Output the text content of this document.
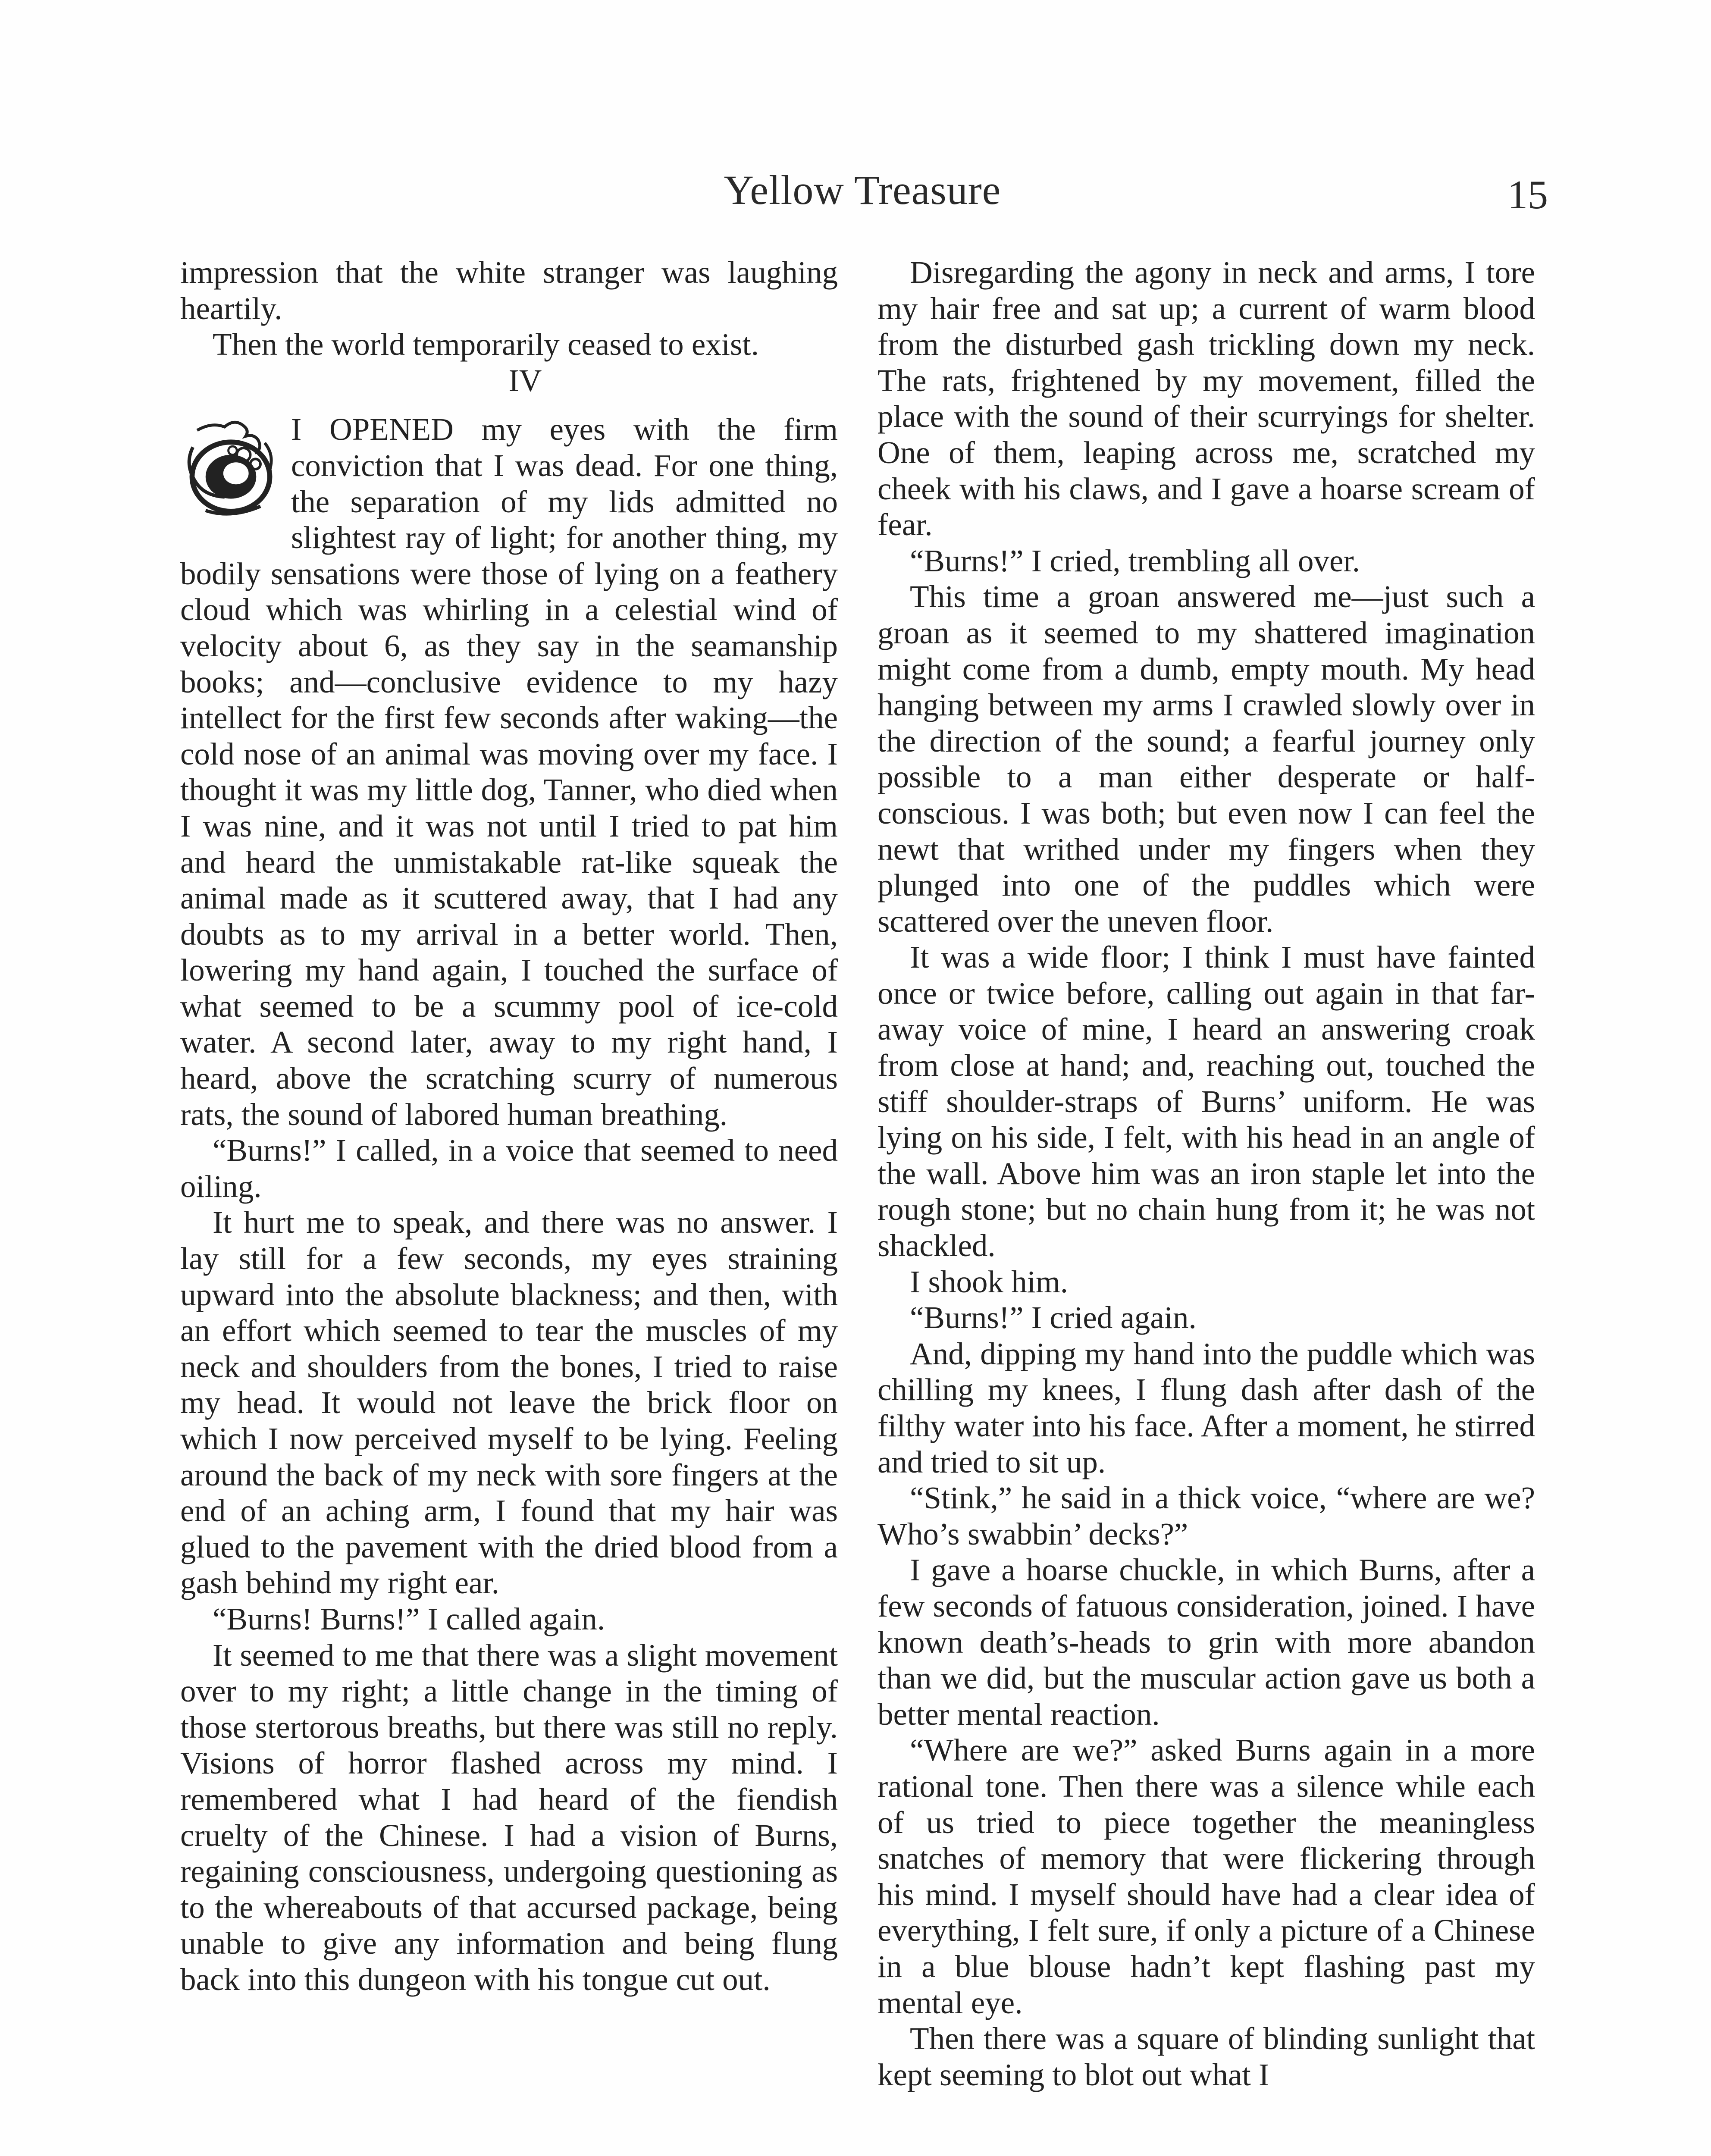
Yellow Treasure	15

impression that the white stranger was laughing heartily.

Then the world temporarily ceased to exist.

IV

I OPENED my eyes with the firm conviction that I was dead. For one thing, the separation of my lids admitted no slightest ray of light; for another thing, my bodily sensations were those of lying on a feathery cloud which was whirling in a celestial wind of velocity about 6, as they say in the seamanship books; and—conclusive evidence to my hazy intellect for the first few seconds after waking—the cold nose of an animal was moving over my face. I thought it was my little dog, Tanner, who died when I was nine, and it was not until I tried to pat him and heard the unmistakable rat-like squeak the animal made as it scuttered away, that I had any doubts as to my arrival in a better world. Then, lowering my hand again, I touched the surface of what seemed to be a scummy pool of ice-cold water. A second later, away to my right hand, I heard, above the scratching scurry of numerous rats, the sound of labored human breathing.

“Burns!” I called, in a voice that seemed to need oiling.

It hurt me to speak, and there was no answer. I lay still for a few seconds, my eyes straining upward into the absolute blackness; and then, with an effort which seemed to tear the muscles of my neck and shoulders from the bones, I tried to raise my head. It would not leave the brick floor on which I now perceived myself to be lying. Feeling around the back of my neck with sore fingers at the end of an aching arm, I found that my hair was glued to the pavement with the dried blood from a gash behind my right ear.

“Burns! Burns!” I called again.

It seemed to me that there was a slight movement over to my right; a little change in the timing of those stertorous breaths, but there was still no reply. Visions of horror flashed across my mind. I remembered what I had heard of the fiendish cruelty of the Chinese. I had a vision of Burns, regaining consciousness, undergoing questioning as to the whereabouts of that accursed package, being unable to give any information and being flung back into this dungeon with his tongue cut out.

Disregarding the agony in neck and arms, I tore my hair free and sat up; a current of warm blood from the disturbed gash trickling down my neck. The rats, frightened by my movement, filled the place with the sound of their scurryings for shelter. One of them, leaping across me, scratched my cheek with his claws, and I gave a hoarse scream of fear.

“Burns!” I cried, trembling all over.

This time a groan answered me—just such a groan as it seemed to my shattered imagination might come from a dumb, empty mouth. My head hanging between my arms I crawled slowly over in the direction of the sound; a fearful journey only possible to a man either desperate or half-conscious. I was both; but even now I can feel the newt that writhed under my fingers when they plunged into one of the puddles which were scattered over the uneven floor.

It was a wide floor; I think I must have fainted once or twice before, calling out again in that far-away voice of mine, I heard an answering croak from close at hand; and, reaching out, touched the stiff shoulder-straps of Burns’ uniform. He was lying on his side, I felt, with his head in an angle of the wall. Above him was an iron staple let into the rough stone; but no chain hung from it; he was not shackled.

I shook him.

“Burns!” I cried again.

And, dipping my hand into the puddle which was chilling my knees, I flung dash after dash of the filthy water into his face. After a moment, he stirred and tried to sit up.

“Stink,” he said in a thick voice, “where are we? Who’s swabbin’ decks?”

I gave a hoarse chuckle, in which Burns, after a few seconds of fatuous consideration, joined. I have known death’s-heads to grin with more abandon than we did, but the muscular action gave us both a better mental reaction.

“Where are we?” asked Burns again in a more rational tone. Then there was a silence while each of us tried to piece together the meaningless snatches of memory that were flickering through his mind. I myself should have had a clear idea of everything, I felt sure, if only a picture of a Chinese in a blue blouse hadn’t kept flashing past my mental eye.

Then there was a square of blinding sunlight that kept seeming to blot out what I
